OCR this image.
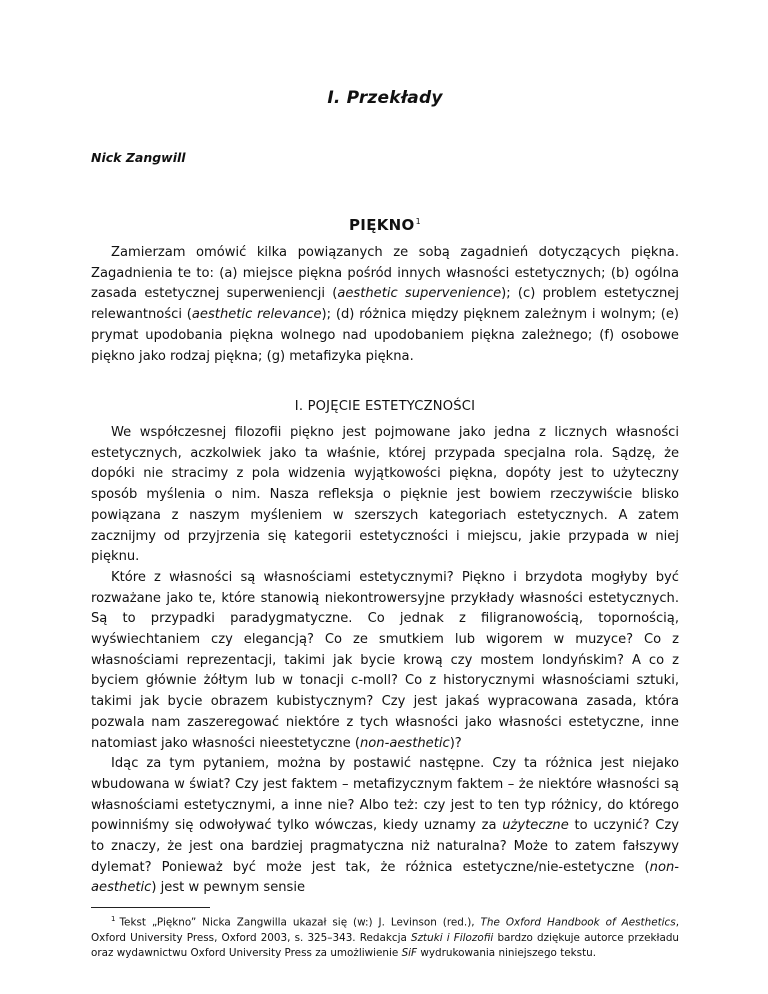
I. Przekłady
Nick Zangwill
PIĘKNO$^1$

Zamierzam omówić kilka powiązanych ze sobą zagadnień dotyczących piękna. Zagadnienia te to: (a) miejsce piękna pośród innych własności estetycznych; (b) ogólna zasada estetycznej superweniencji (aesthetic supervenience); (c) problem estetycznej relewantności (aesthetic relevance); (d) różnica między pięknem zależnym i wolnym; (e) prymat upodobania piękna wolnego nad upodobaniem piękna zależnego; (f) osobowe piękno jako rodzaj piękna; (g) metafizyka piękna.

I. POJĘCIE ESTETYCZNOŚCI

We współczesnej filozofii piękno jest pojmowane jako jedna z licznych własności estetycznych, aczkolwiek jako ta właśnie, której przypada specjalna rola. Sądzę, że dopóki nie stracimy z pola widzenia wyjątkowości piękna, dopóty jest to użyteczny sposób myślenia o nim. Nasza refleksja o pięknie jest bowiem rzeczywiście blisko powiązana z naszym myśleniem w szerszych kategoriach estetycznych. A zatem zacznijmy od przyjrzenia się kategorii estetyczności i miejscu, jakie przypada w niej pięknu.

Które z własności są własnościami estetycznymi? Piękno i brzydota mogłyby być rozważane jako te, które stanowią niekontrowersyjne przykłady własności estetycznych. Są to przypadki paradygmatyczne. Co jednak z filigranowością, topornością, wyświechtaniem czy elegancją? Co ze smutkiem lub wigorem w muzyce? Co z własnościami reprezentacji, takimi jak bycie krową czy mostem londyńskim? A co z byciem głównie żółtym lub w tonacji c-moll? Co z historycznymi własnościami sztuki, takimi jak bycie obrazem kubistycznym? Czy jest jakaś wypracowana zasada, która pozwala nam zaszeregować niektóre z tych własności jako własności estetyczne, inne natomiast jako własności nieestetyczne (non-aesthetic)?

Idąc za tym pytaniem, można by postawić następne. Czy ta różnica jest niejako wbudowana w świat? Czy jest faktem – metafizycznym faktem – że niektóre własności są własnościami estetycznymi, a inne nie? Albo też: czy jest to ten typ różnicy, do którego powinniśmy się odwoływać tylko wówczas, kiedy uznamy za użyteczne to uczynić? Czy to znaczy, że jest ona bardziej pragmatyczna niż naturalna? Może to zatem fałszywy dylemat? Ponieważ być może jest tak, że różnica estetyczne/nie-estetyczne (non-aesthetic) jest w pewnym sensie

$^1$ Tekst „Piękno” Nicka Zangwilla ukazał się (w:) J. Levinson (red.), The Oxford Handbook of Aesthetics, Oxford University Press, Oxford 2003, s. 325–343. Redakcja Sztuki i Filozofii bardzo dziękuje autorce przekładu oraz wydawnictwu Oxford University Press za umożliwienie SiF wydrukowania niniejszego tekstu.
